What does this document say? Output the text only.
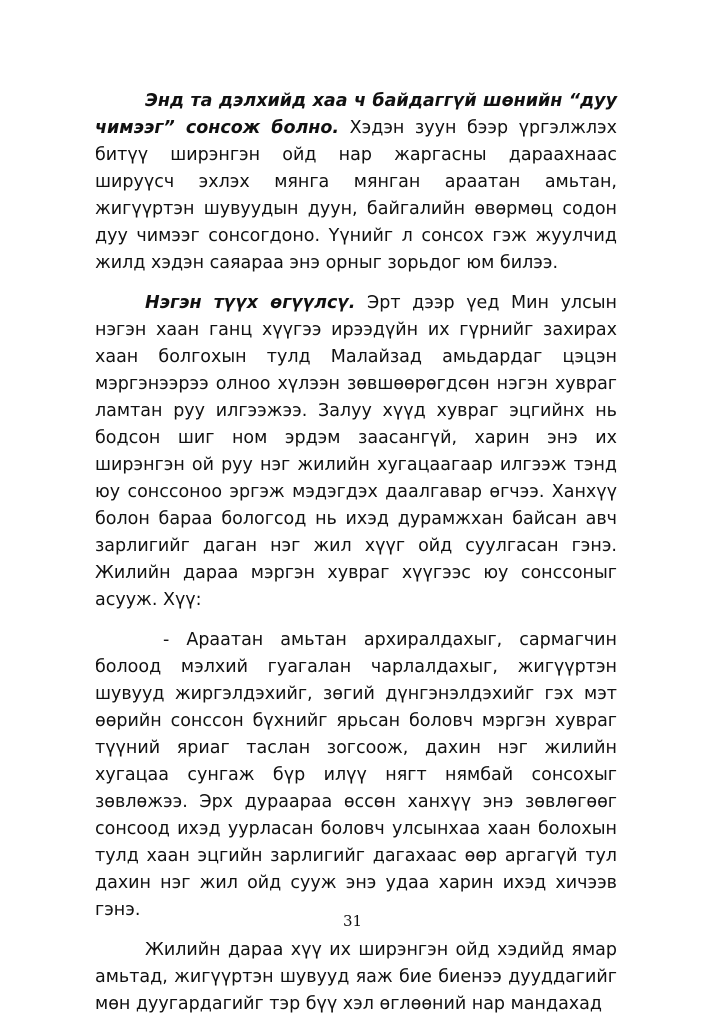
Энд та дэлхийд хаа ч байдаггүй шөнийн “дуу чимээг” сонсож болно. Хэдэн зуун бээр үргэлжлэх битүү ширэнгэн ойд нар жаргасны дараахнаас шируүсч эхлэх мянга мянган араатан амьтан, жигүүртэн шувуудын дуун, байгалийн өвөрмөц содон дуу чимээг сонсогдоно. Үүнийг л сонсох гэж жуулчид жилд хэдэн саяараа энэ орныг зорьдог юм билээ.

Нэгэн түүх өгүүлсү. Эрт дээр үед Мин улсын нэгэн хаан ганц хүүгээ ирээдүйн их гүрнийг захирах хаан болгохын тулд Малайзад амьдардаг цэцэн мэргэнээрээ олноо хүлээн зөвшөөрөгдсөн нэгэн хувраг ламтан руу илгээжээ. Залуу хүүд хувраг эцгийнх нь бодсон шиг ном эрдэм заасангүй, харин энэ их ширэнгэн ой руу нэг жилийн хугацаагаар илгээж тэнд юу сонссоноо эргэж мэдэгдэх даалгавар өгчээ. Ханхүү болон бараа бологсод нь ихэд дурамжхан байсан авч зарлигийг даган нэг жил хүүг ойд суулгасан гэнэ. Жилийн дараа мэргэн хувраг хүүгээс юу сонссоныг асууж. Хүү:

- Араатан амьтан архиралдахыг, сармагчин болоод мэлхий гуагалан чарлалдахыг, жигүүртэн шувууд жиргэлдэхийг, зөгий дүнгэнэлдэхийг гэх мэт өөрийн сонссон бүхнийг ярьсан боловч мэргэн хувраг түүний яриаг таслан зогсоож, дахин нэг жилийн хугацаа сунгаж бүр илүү нягт нямбай сонсохыг зөвлөжээ. Эрх дураараа өссөн ханхүү энэ зөвлөгөөг сонсоод ихэд уурласан боловч улсынхаа хаан болохын тулд хаан эцгийн зарлигийг дагахаас өөр аргагүй тул дахин нэг жил ойд сууж энэ удаа харин ихэд хичээв гэнэ.

Жилийн дараа хүү их ширэнгэн ойд хэдийд ямар амьтад, жигүүртэн шувууд яаж бие биенээ дууддагийг мөн дуугардагийг тэр бүү хэл өглөөний нар мандахад

31
